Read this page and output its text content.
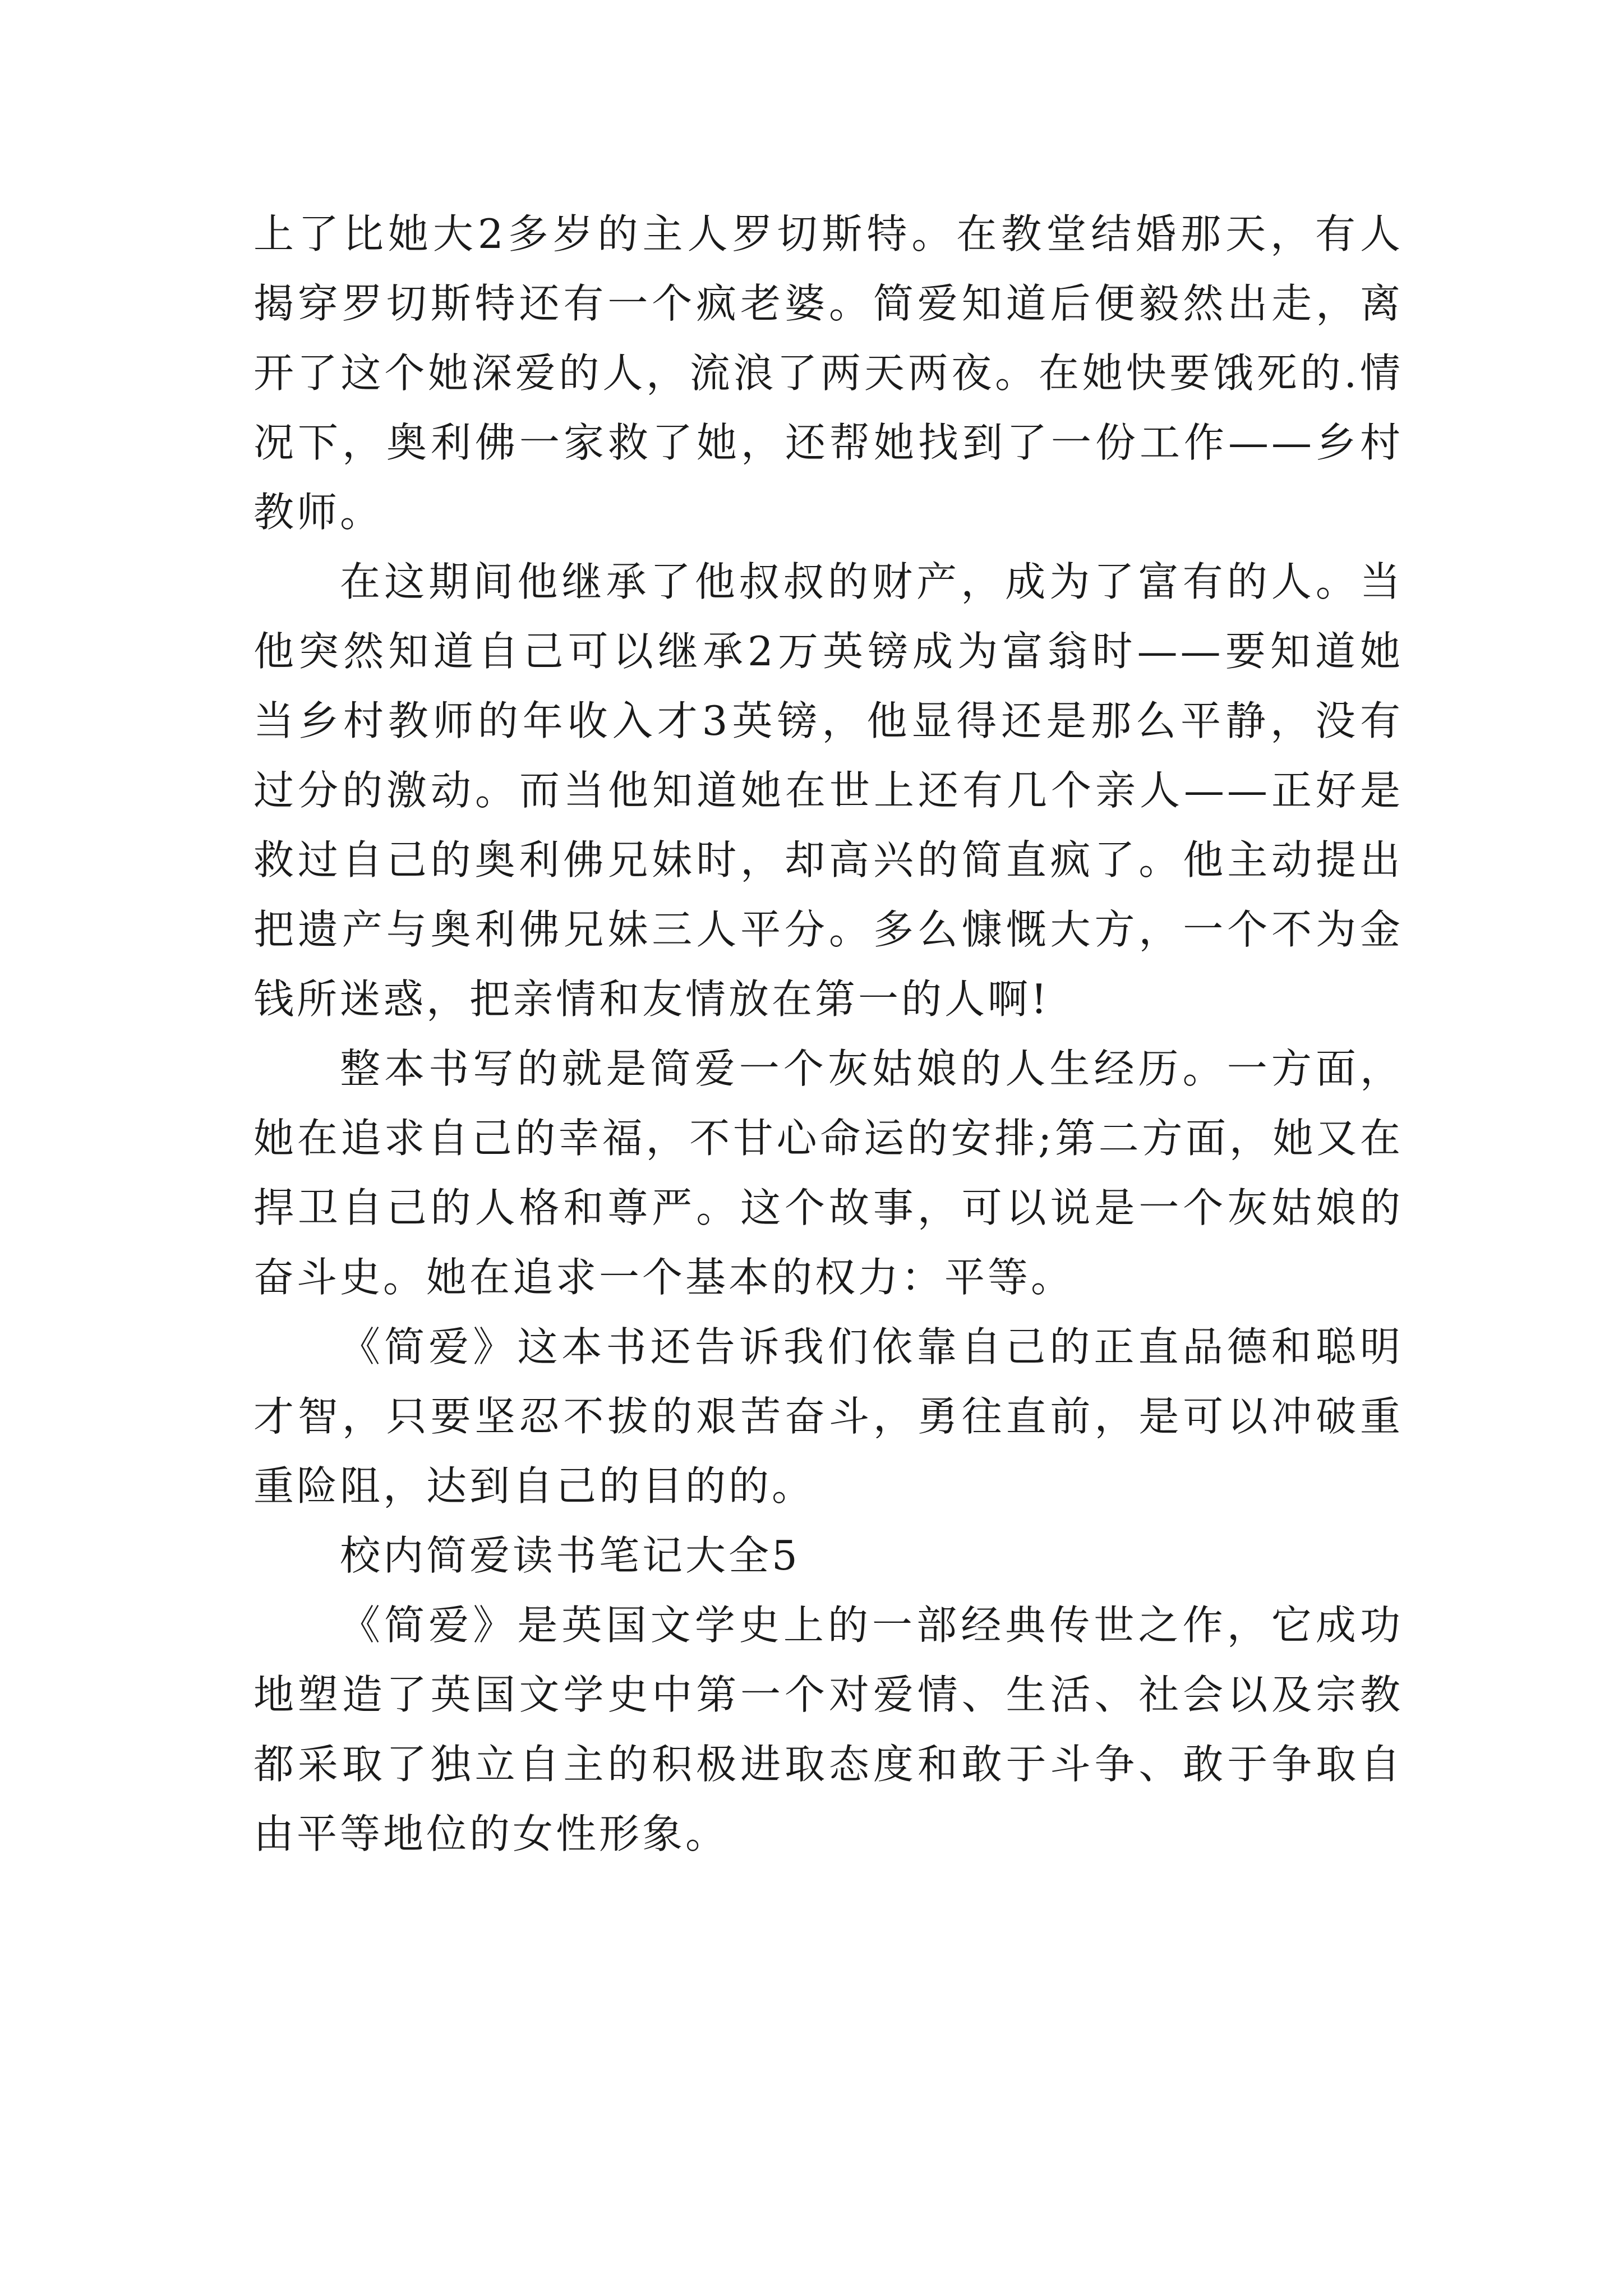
上了比她大2多岁的主人罗切斯特。在教堂结婚那天，有人揭穿罗切斯特还有一个疯老婆。简爱知道后便毅然出走，离开了这个她深爱的人，流浪了两天两夜。在她快要饿死的.情况下，奥利佛一家救了她，还帮她找到了一份工作——乡村教师。

在这期间他继承了他叔叔的财产，成为了富有的人。当他突然知道自己可以继承2万英镑成为富翁时——要知道她当乡村教师的年收入才3英镑，他显得还是那么平静，没有过分的激动。而当他知道她在世上还有几个亲人——正好是救过自己的奥利佛兄妹时，却高兴的简直疯了。他主动提出把遗产与奥利佛兄妹三人平分。多么慷慨大方，一个不为金钱所迷惑，把亲情和友情放在第一的人啊!

整本书写的就是简爱一个灰姑娘的人生经历。一方面，她在追求自己的幸福，不甘心命运的安排;第二方面，她又在捍卫自己的人格和尊严。这个故事，可以说是一个灰姑娘的奋斗史。她在追求一个基本的权力：平等。

《简爱》这本书还告诉我们依靠自己的正直品德和聪明才智，只要坚忍不拔的艰苦奋斗，勇往直前，是可以冲破重重险阻，达到自己的目的的。

校内简爱读书笔记大全5

《简爱》是英国文学史上的一部经典传世之作，它成功地塑造了英国文学史中第一个对爱情、生活、社会以及宗教都采取了独立自主的积极进取态度和敢于斗争、敢于争取自由平等地位的女性形象。
